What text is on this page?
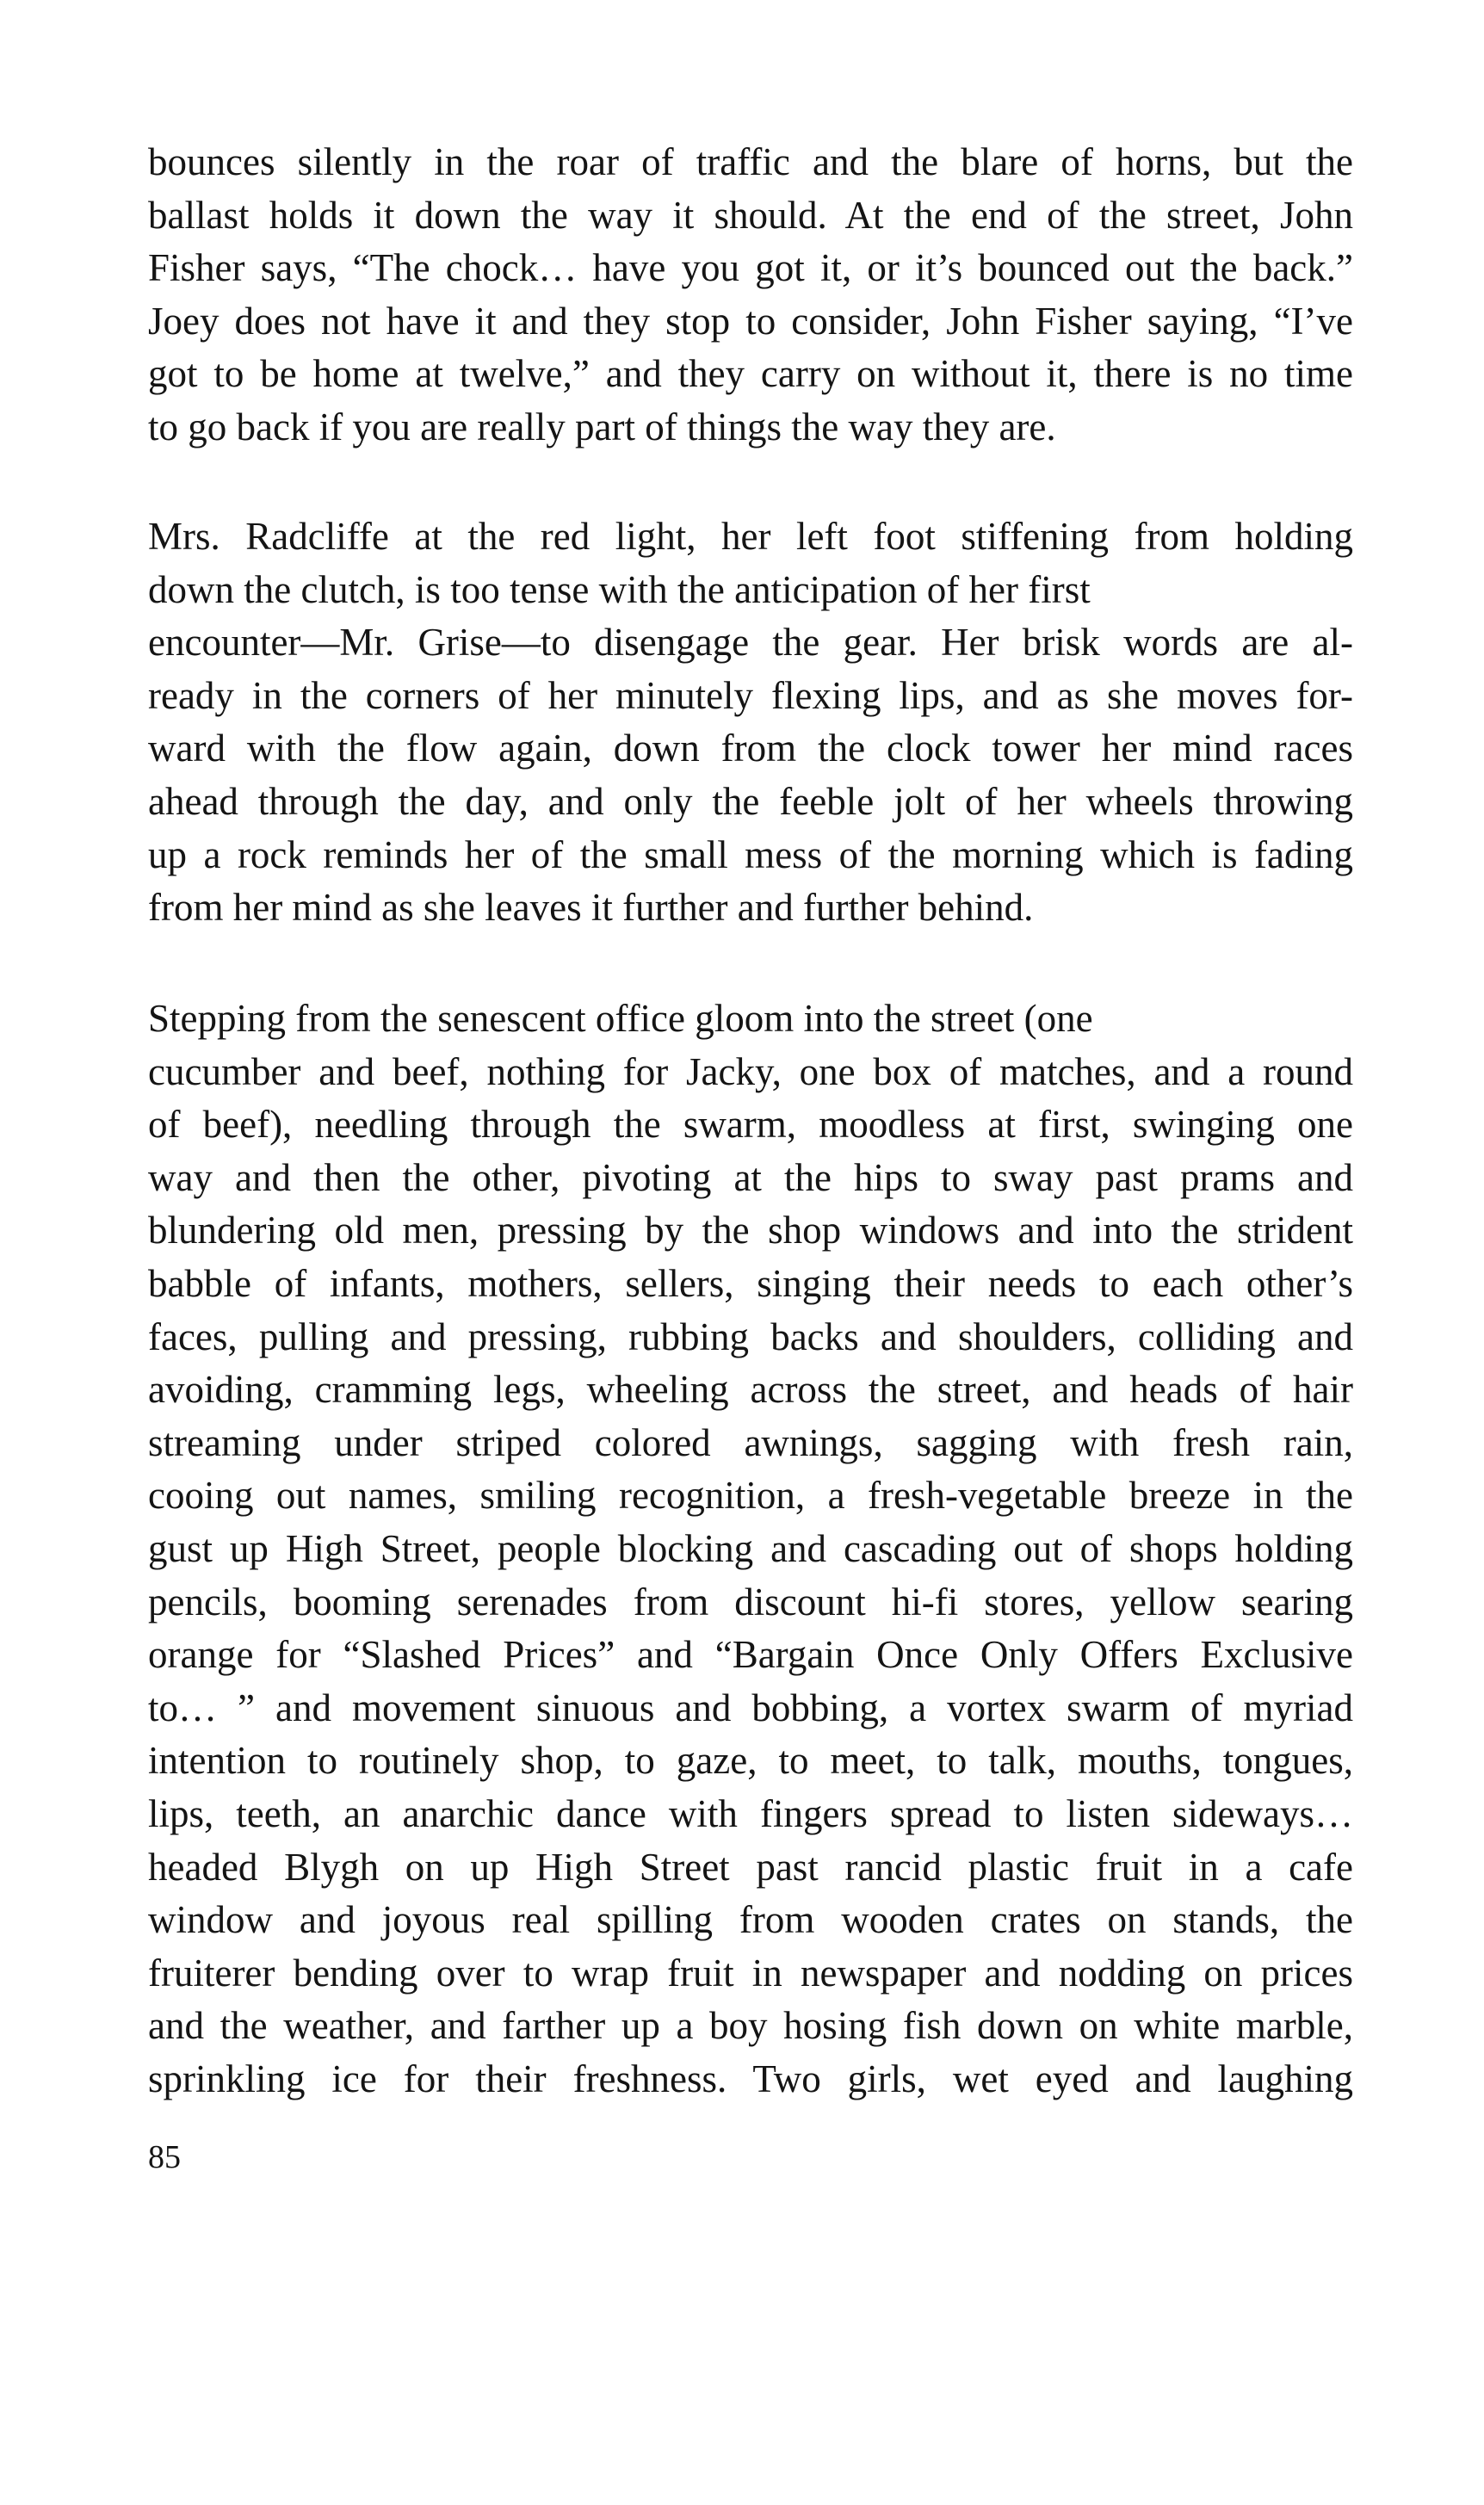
bounces silently in the roar of traffic and the blare of horns, but the
ballast holds it down the way it should. At the end of the street, John
Fisher says, “The chock… have you got it, or it’s bounced out the back.”
Joey does not have it and they stop to consider, John Fisher saying, “I’ve
got to be home at twelve,” and they carry on without it, there is no time
to go back if you are really part of things the way they are.
Mrs. Radcliffe at the red light, her left foot stiffening from holding
down the clutch, is too tense with the anticipation of her first
encounter—Mr. Grise—to disengage the gear. Her brisk words are al-
ready in the corners of her minutely flexing lips, and as she moves for-
ward with the flow again, down from the clock tower her mind races
ahead through the day, and only the feeble jolt of her wheels throwing
up a rock reminds her of the small mess of the morning which is fading
from her mind as she leaves it further and further behind.
Stepping from the senescent office gloom into the street (one
cucumber and beef, nothing for Jacky, one box of matches, and a round
of beef), needling through the swarm, moodless at first, swinging one
way and then the other, pivoting at the hips to sway past prams and
blundering old men, pressing by the shop windows and into the strident
babble of infants, mothers, sellers, singing their needs to each other’s
faces, pulling and pressing, rubbing backs and shoulders, colliding and
avoiding, cramming legs, wheeling across the street, and heads of hair
streaming under striped colored awnings, sagging with fresh rain,
cooing out names, smiling recognition, a fresh-vegetable breeze in the
gust up High Street, people blocking and cascading out of shops holding
pencils, booming serenades from discount hi-fi stores, yellow searing
orange for “Slashed Prices” and “Bargain Once Only Offers Exclusive
to… ” and movement sinuous and bobbing, a vortex swarm of myriad
intention to routinely shop, to gaze, to meet, to talk, mouths, tongues,
lips, teeth, an anarchic dance with fingers spread to listen sideways…
headed Blygh on up High Street past rancid plastic fruit in a cafe
window and joyous real spilling from wooden crates on stands, the
fruiterer bending over to wrap fruit in newspaper and nodding on prices
and the weather, and farther up a boy hosing fish down on white marble,
sprinkling ice for their freshness. Two girls, wet eyed and laughing
85
